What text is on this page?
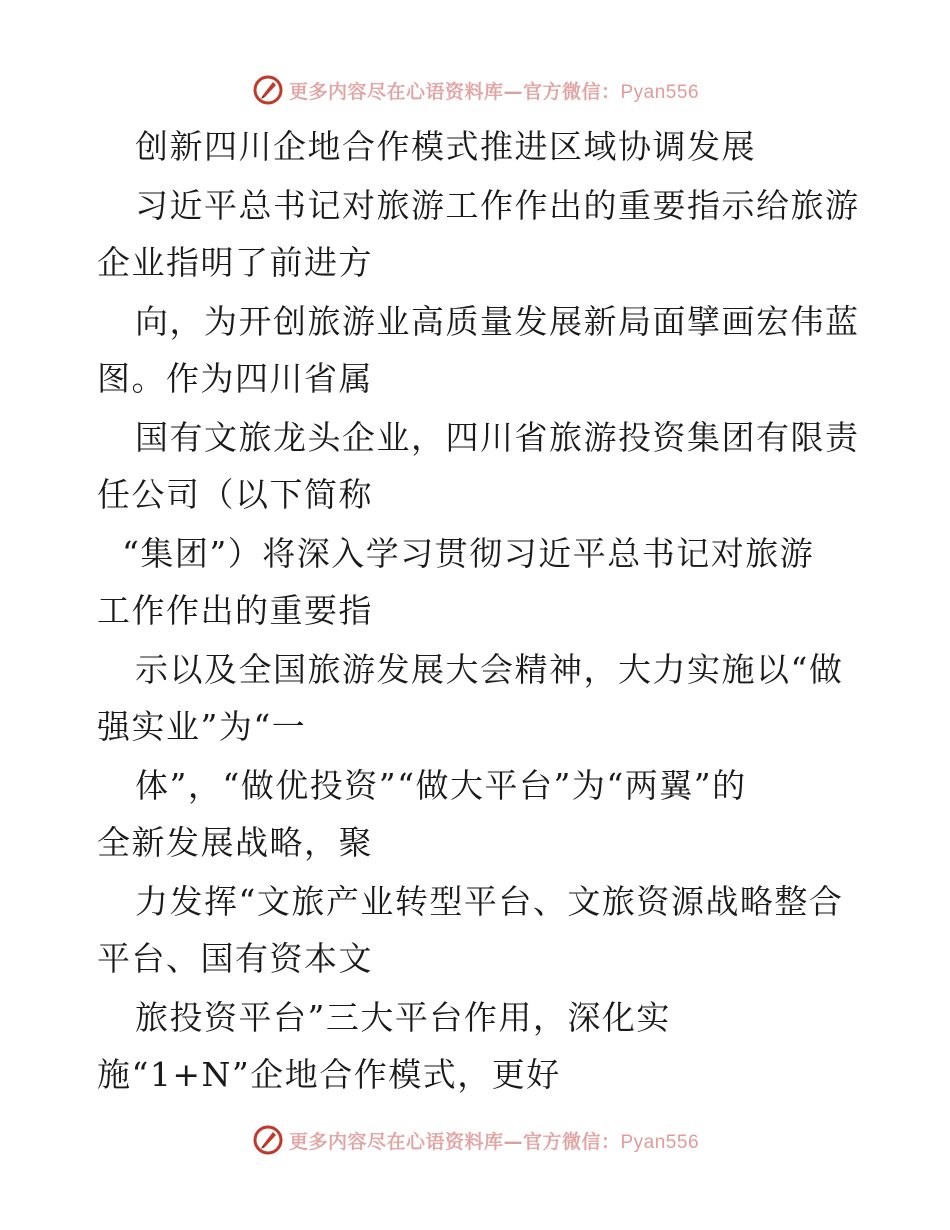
更多内容尽在心语资料库—官方微信：Pyan556
创新四川企地合作模式推进区域协调发展
习近平总书记对旅游工作作出的重要指示给旅游
企业指明了前进方
向，为开创旅游业高质量发展新局面擘画宏伟蓝
图。作为四川省属
国有文旅龙头企业，四川省旅游投资集团有限责
任公司（以下简称
“集团”）将深入学习贯彻习近平总书记对旅游
工作作出的重要指
示以及全国旅游发展大会精神，大力实施以“做
强实业”为“一
体”，“做优投资”“做大平台”为“两翼”的
全新发展战略，聚
力发挥“文旅产业转型平台、文旅资源战略整合
平台、国有资本文
旅投资平台”三大平台作用，深化实
施“1+N”企地合作模式，更好
更多内容尽在心语资料库—官方微信：Pyan556
